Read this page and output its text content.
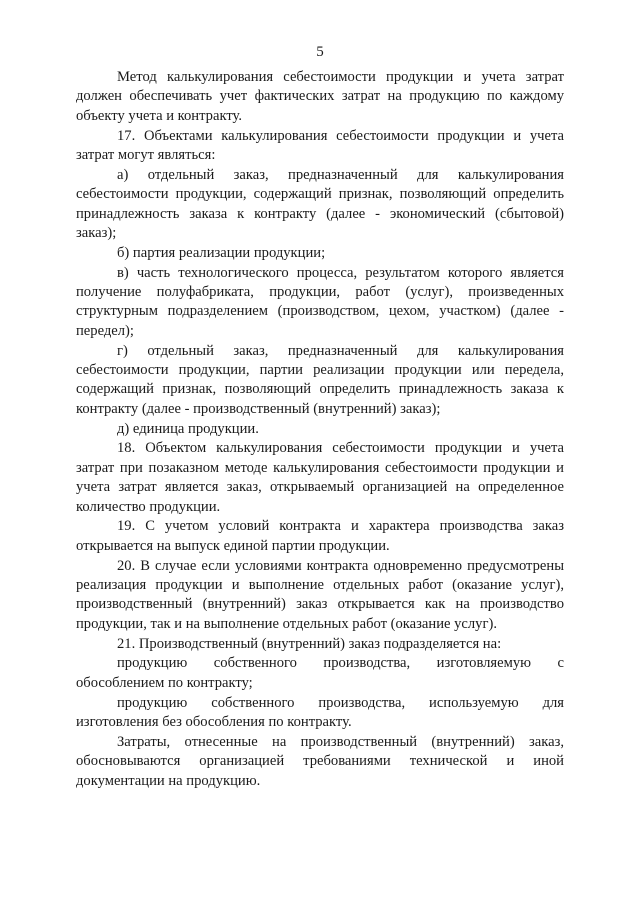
5

Метод калькулирования себестоимости продукции и учета затрат должен обеспечивать учет фактических затрат на продукцию по каждому объекту учета и контракту.

17. Объектами калькулирования себестоимости продукции и учета затрат могут являться:

а) отдельный заказ, предназначенный для калькулирования себестоимости продукции, содержащий признак, позволяющий определить принадлежность заказа к контракту (далее - экономический (сбытовой) заказ);

б) партия реализации продукции;

в) часть технологического процесса, результатом которого является получение полуфабриката, продукции, работ (услуг), произведенных структурным подразделением (производством, цехом, участком) (далее - передел);

г) отдельный заказ, предназначенный для калькулирования себестоимости продукции, партии реализации продукции или передела, содержащий признак, позволяющий определить принадлежность заказа к контракту (далее - производственный (внутренний) заказ);

д) единица продукции.

18. Объектом калькулирования себестоимости продукции и учета затрат при позаказном методе калькулирования себестоимости продукции и учета затрат является заказ, открываемый организацией на определенное количество продукции.

19. С учетом условий контракта и характера производства заказ открывается на выпуск единой партии продукции.

20. В случае если условиями контракта одновременно предусмотрены реализация продукции и выполнение отдельных работ (оказание услуг), производственный (внутренний) заказ открывается как на производство продукции, так и на выполнение отдельных работ (оказание услуг).

21. Производственный (внутренний) заказ подразделяется на:

продукцию собственного производства, изготовляемую с обособлением по контракту;

продукцию собственного производства, используемую для изготовления без обособления по контракту.

Затраты, отнесенные на производственный (внутренний) заказ, обосновываются организацией требованиями технической и иной документации на продукцию.
